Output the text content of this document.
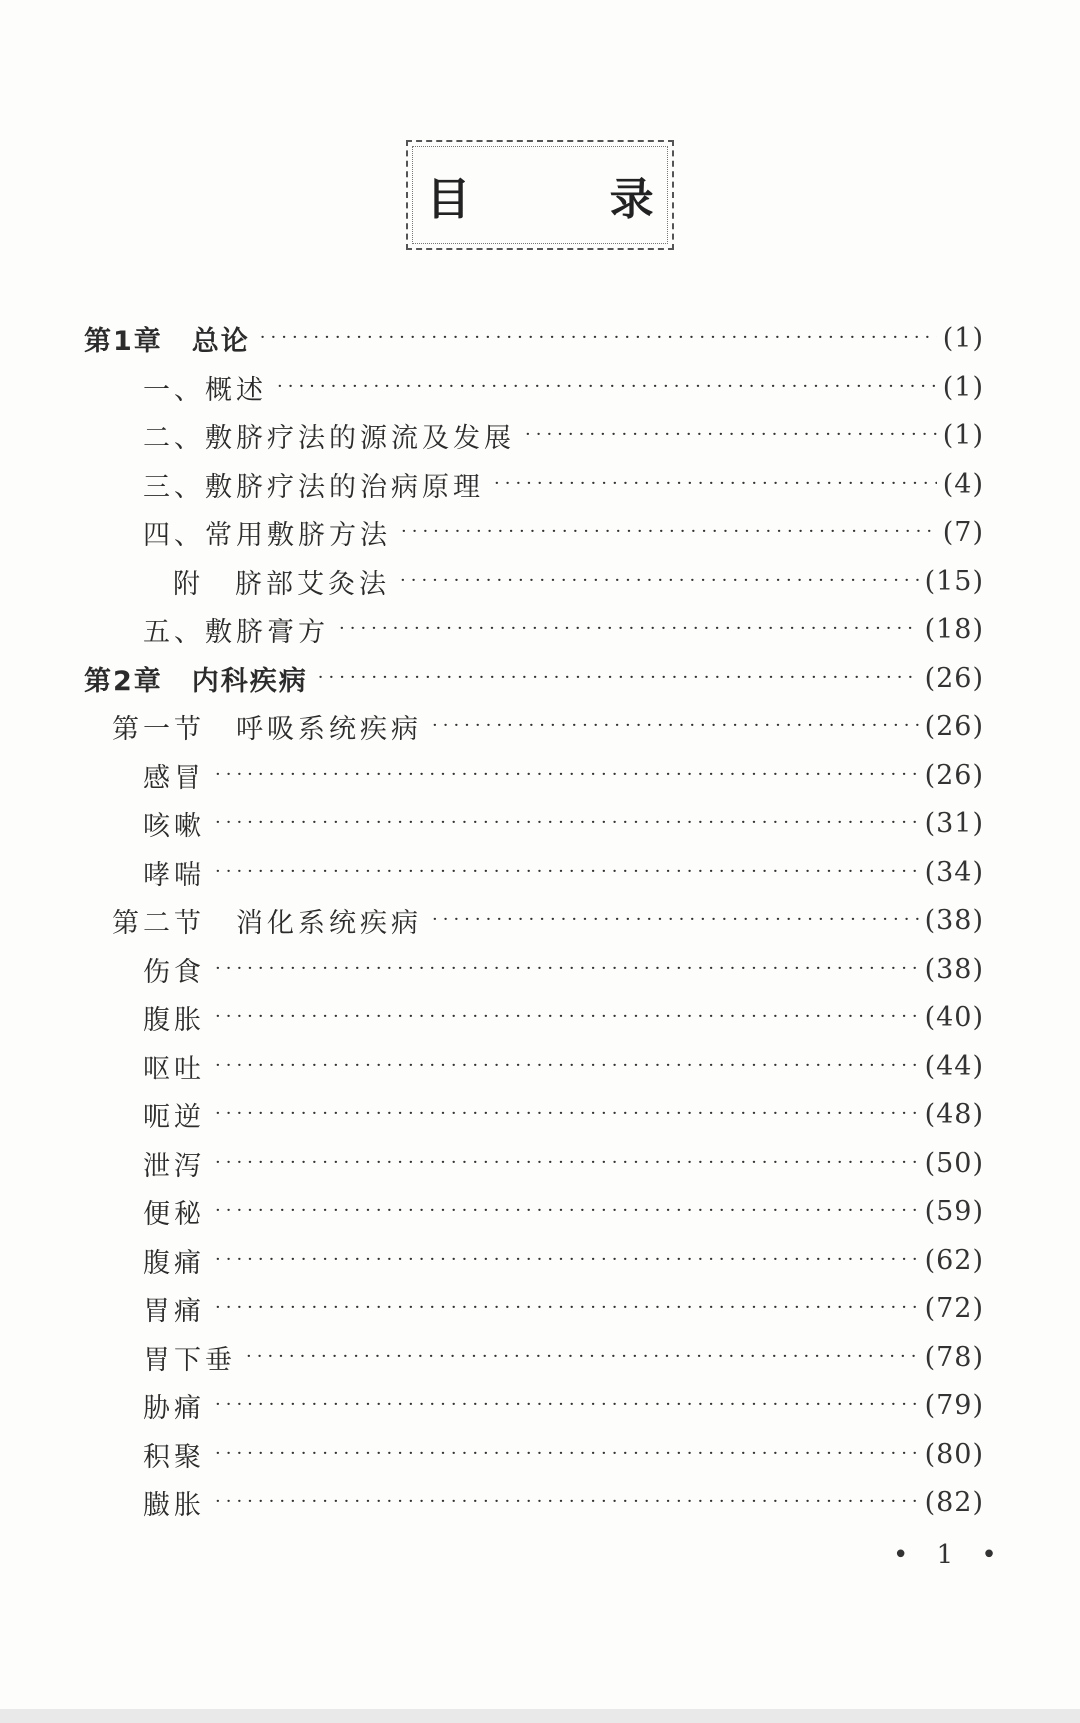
目 录
第1章　总论 ·····	(1)
一、概述 ·····	(1)
二、敷脐疗法的源流及发展 ·····	(1)
三、敷脐疗法的治病原理 ·····	(4)
四、常用敷脐方法 ·····	(7)
附　脐部艾灸法 ·····	(15)
五、敷脐膏方 ·····	(18)
第2章　内科疾病 ·····	(26)
第一节　呼吸系统疾病 ·····	(26)
感冒 ·····	(26)
咳嗽 ·····	(31)
哮喘 ·····	(34)
第二节　消化系统疾病 ·····	(38)
伤食 ·····	(38)
腹胀 ·····	(40)
呕吐 ·····	(44)
呃逆 ·····	(48)
泄泻 ·····	(50)
便秘 ·····	(59)
腹痛 ·····	(62)
胃痛 ·····	(72)
胃下垂 ·····	(78)
胁痛 ·····	(79)
积聚 ·····	(80)
臌胀 ·····	(82)
• 1 •
